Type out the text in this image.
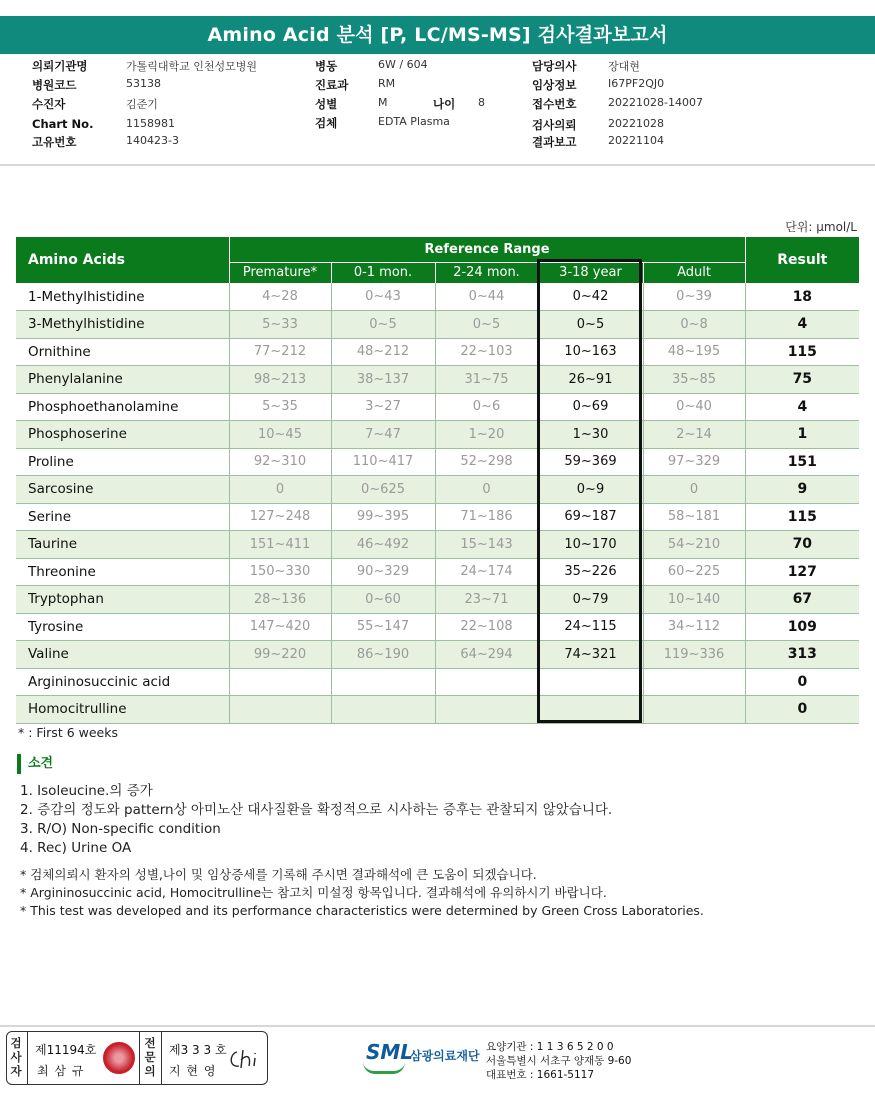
Amino Acid 분석 [P, LC/MS-MS] 검사결과보고서
의뢰기관명	가톨릭대학교 인천성모병원
병원코드	53138
수진자	김준기
Chart No.	1158981
고유번호	140423-3
병동	6W / 604
진료과	RM
성별	M	나이 8
검체	EDTA Plasma
담당의사	장대현
임상정보	I67PF2QJ0
접수번호	20221028-14007
검사의뢰	20221028
결과보고	20221104
단위: μmol/L
Amino Acids	Reference Range					Result
	Premature*	0-1 mon.	2-24 mon.	3-18 year	Adult	
1-Methylhistidine	4~28	0~43	0~44	0~42	0~39	18
3-Methylhistidine	5~33	0~5	0~5	0~5	0~8	4
Ornithine	77~212	48~212	22~103	10~163	48~195	115
Phenylalanine	98~213	38~137	31~75	26~91	35~85	75
Phosphoethanolamine	5~35	3~27	0~6	0~69	0~40	4
Phosphoserine	10~45	7~47	1~20	1~30	2~14	1
Proline	92~310	110~417	52~298	59~369	97~329	151
Sarcosine	0	0~625	0	0~9	0	9
Serine	127~248	99~395	71~186	69~187	58~181	115
Taurine	151~411	46~492	15~143	10~170	54~210	70
Threonine	150~330	90~329	24~174	35~226	60~225	127
Tryptophan	28~136	0~60	23~71	0~79	10~140	67
Tyrosine	147~420	55~147	22~108	24~115	34~112	109
Valine	99~220	86~190	64~294	74~321	119~336	313
Argininosuccinic acid						0
Homocitrulline						0
* : First 6 weeks
소견
1. Isoleucine.의 증가
2. 증감의 정도와 pattern상 아미노산 대사질환을 확정적으로 시사하는 증후는 관찰되지 않았습니다.
3. R/O) Non-specific condition
4. Rec) Urine OA
* 검체의뢰시 환자의 성별,나이 및 임상증세를 기록해 주시면 결과해석에 큰 도움이 되겠습니다.
* Argininosuccinic acid, Homocitrulline는 참고치 미설정 항목입니다. 결과해석에 유의하시기 바랍니다.
* This test was developed and its performance characteristics were determined by Green Cross Laboratories.
검
사
자
제11194호
최 삼 규
전
문
의
제3 3 3 호
지 현 영
SML
삼광의료재단
요양기관 : 1 1 3 6 5 2 0 0
서울특별시 서초구 양재동 9-60
대표번호 : 1661-5117
